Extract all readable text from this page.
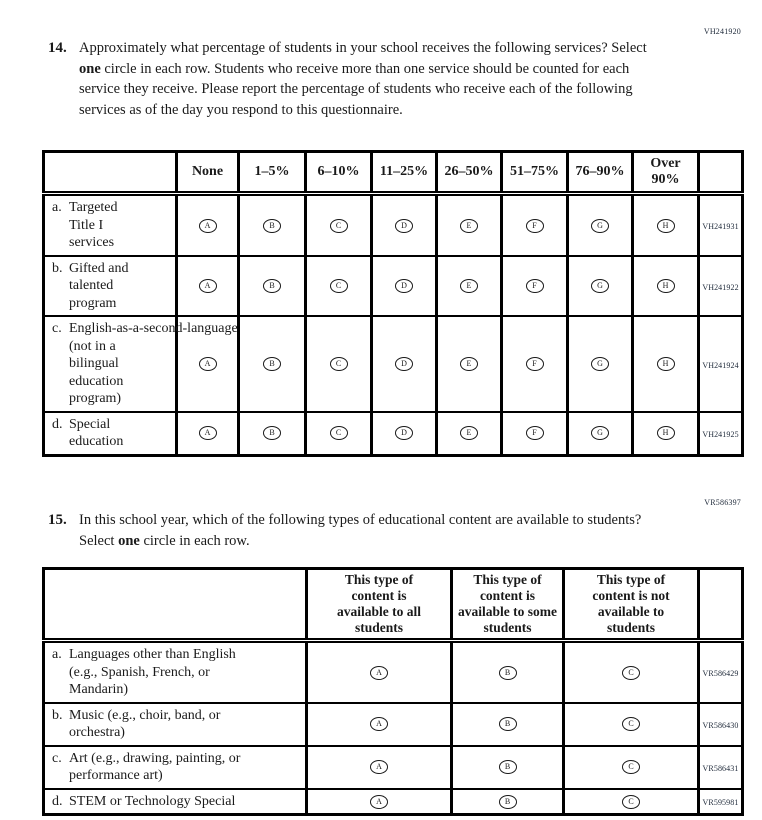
VH241920
14. Approximately what percentage of students in your school receives the following services? Select one circle in each row. Students who receive more than one service should be counted for each service they receive. Please report the percentage of students who receive each of the following services as of the day you respond to this questionnaire.

	None	1–5%	6–10%	11–25%	26–50%	51–75%	76–90%	Over
90%	

a. Targeted
Title I
services	A	B	C	D	E	F	G	H	VH241931

b. Gifted and
talented
program	A	B	C	D	E	F	G	H	VH241922

c. English-as-a-second-language
(not in a
bilingual
education
program)	A	B	C	D	E	F	G	H	VH241924

d. Special
education	A	B	C	D	E	F	G	H	VH241925
VR586397
15. In this school year, which of the following types of educational content are available to students? Select one circle in each row.

This type of
content is
available to all
students

This type of
content is
available to some
students

This type of
content is not
available to
students

a. Languages other than English
(e.g., Spanish, French, or
Mandarin)	A	B	C	VR586429

b. Music (e.g., choir, band, or
orchestra)	A	B	C	VR586430

c. Art (e.g., drawing, painting, or
performance art)	A	B	C	VR586431

d. STEM or Technology Special	A	B	C	VR595981
